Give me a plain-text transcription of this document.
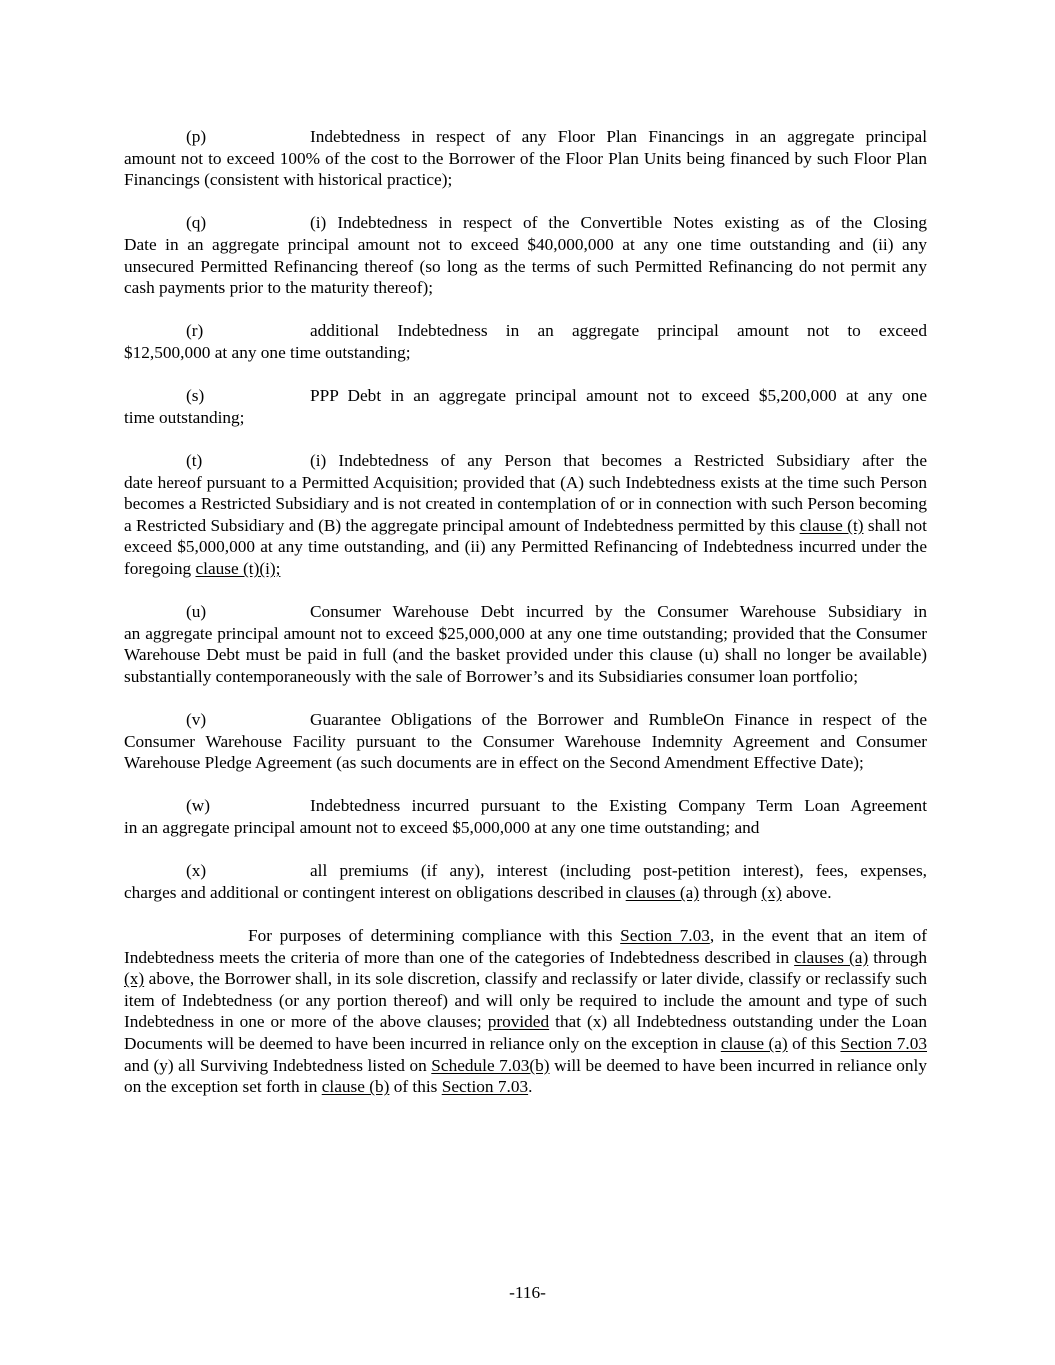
(p)	Indebtedness in respect of any Floor Plan Financings in an aggregate principal
amount not to exceed 100% of the cost to the Borrower of the Floor Plan Units being financed by such Floor Plan Financings (consistent with historical practice);

(q)	(i) Indebtedness in respect of the Convertible Notes existing as of the Closing
Date in an aggregate principal amount not to exceed $40,000,000 at any one time outstanding and (ii) any unsecured Permitted Refinancing thereof (so long as the terms of such Permitted Refinancing do not permit any cash payments prior to the maturity thereof);

(r)	additional Indebtedness in an aggregate principal amount not to exceed
$12,500,000 at any one time outstanding;

(s)	PPP Debt in an aggregate principal amount not to exceed $5,200,000 at any one
time outstanding;

(t)	(i) Indebtedness of any Person that becomes a Restricted Subsidiary after the
date hereof pursuant to a Permitted Acquisition; provided that (A) such Indebtedness exists at the time such Person becomes a Restricted Subsidiary and is not created in contemplation of or in connection with such Person becoming a Restricted Subsidiary and (B) the aggregate principal amount of Indebtedness permitted by this clause (t) shall not exceed $5,000,000 at any time outstanding, and (ii) any Permitted Refinancing of Indebtedness incurred under the foregoing clause (t)(i);

(u)	Consumer Warehouse Debt incurred by the Consumer Warehouse Subsidiary in
an aggregate principal amount not to exceed $25,000,000 at any one time outstanding; provided that the Consumer Warehouse Debt must be paid in full (and the basket provided under this clause (u) shall no longer be available) substantially contemporaneously with the sale of Borrower’s and its Subsidiaries consumer loan portfolio;

(v)	Guarantee Obligations of the Borrower and RumbleOn Finance in respect of the
Consumer Warehouse Facility pursuant to the Consumer Warehouse Indemnity Agreement and Consumer Warehouse Pledge Agreement (as such documents are in effect on the Second Amendment Effective Date);

(w)	Indebtedness incurred pursuant to the Existing Company Term Loan Agreement
in an aggregate principal amount not to exceed $5,000,000 at any one time outstanding; and

(x)	all premiums (if any), interest (including post-petition interest), fees, expenses,
charges and additional or contingent interest on obligations described in clauses (a) through (x) above.

For purposes of determining compliance with this Section 7.03, in the event that an item of Indebtedness meets the criteria of more than one of the categories of Indebtedness described in clauses (a) through (x) above, the Borrower shall, in its sole discretion, classify and reclassify or later divide, classify or reclassify such item of Indebtedness (or any portion thereof) and will only be required to include the amount and type of such Indebtedness in one or more of the above clauses; provided that (x) all Indebtedness outstanding under the Loan Documents will be deemed to have been incurred in reliance only on the exception in clause (a) of this Section 7.03 and (y) all Surviving Indebtedness listed on Schedule 7.03(b) will be deemed to have been incurred in reliance only on the exception set forth in clause (b) of this Section 7.03.

-116-
